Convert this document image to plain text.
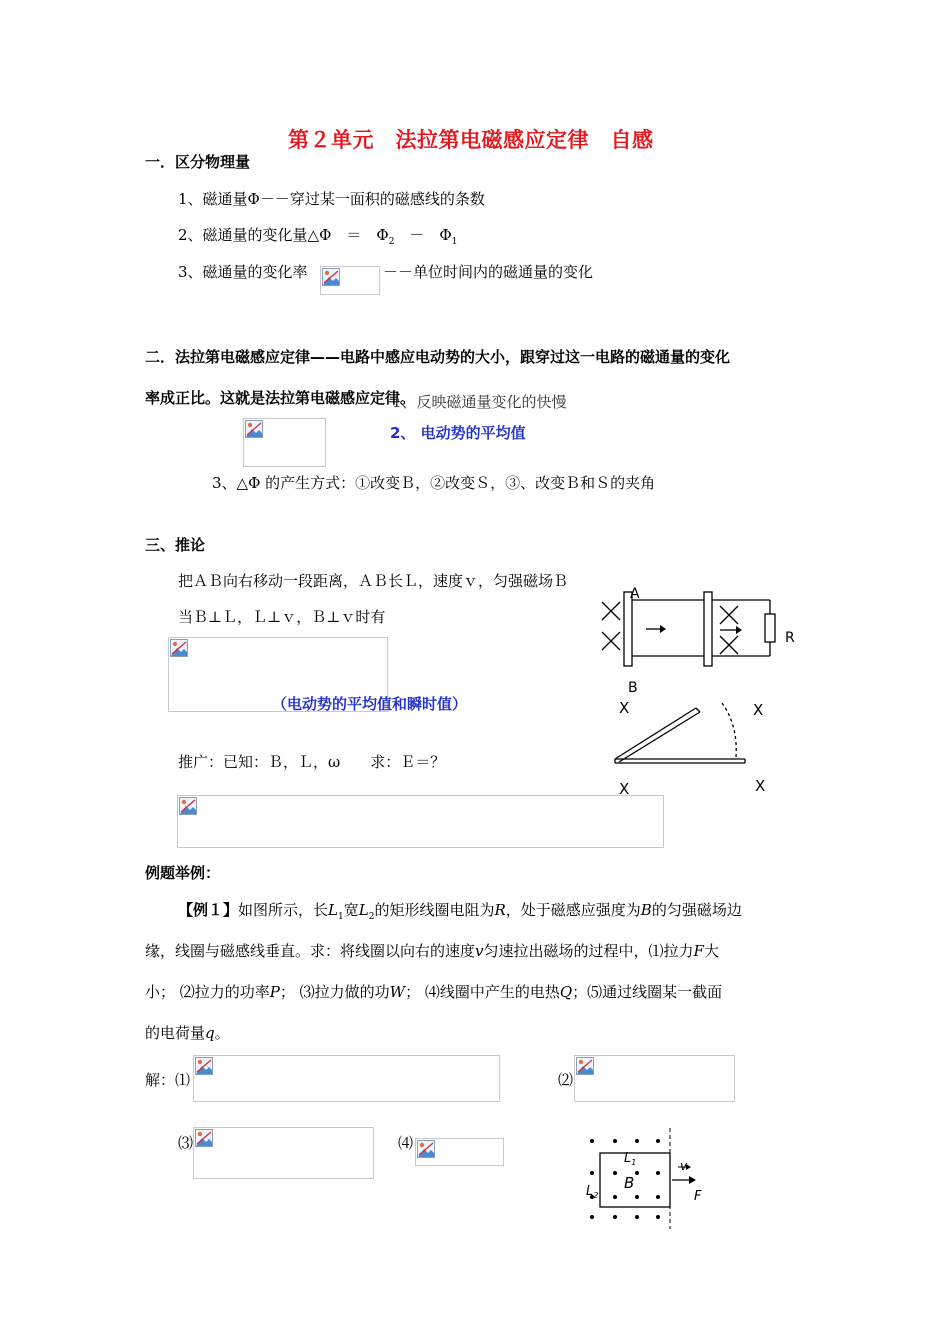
第２单元　法拉第电磁感应定律　自感
一．区分物理量
1、磁通量Φ－－穿过某一面积的磁感线的条数
2、磁通量的变化量△Φ　＝　$\Phi_2$　－　$\Phi_1$
3、磁通量的变化率	－－单位时间内的磁通量的变化
二．法拉第电磁感应定律——电路中感应电动势的大小，跟穿过这一电路的磁通量的变化
率成正比。这就是法拉第电磁感应定律。
1、反映磁通量变化的快慢
2、 电动势的平均值
3、△Φ 的产生方式：①改变Ｂ，②改变Ｓ，③、改变Ｂ和Ｓ的夹角
三、推论
把ＡＢ向右移动一段距离，ＡＢ长Ｌ，速度ｖ，匀强磁场Ｂ
当Ｂ⊥Ｌ，Ｌ⊥ｖ，Ｂ⊥ｖ时有
（电动势的平均值和瞬时值）
推广：已知：Ｂ，Ｌ，ω　　求：Ｅ＝？
A
B
R
X	X
X	X
例题举例：
【例１】如图所示，长$L_1$宽$L_2$的矩形线圈电阻为R，处于磁感应强度为B的匀强磁场边
缘，线圈与磁感线垂直。求：将线圈以向右的速度v匀速拉出磁场的过程中，⑴拉力F大
小； ⑵拉力的功率P； ⑶拉力做的功W； ⑷线圈中产生的电热Q；⑸通过线圈某一截面
的电荷量q。
解：⑴	⑵
⑶	⑷
$L_1$
$L_2$
B
v
F
